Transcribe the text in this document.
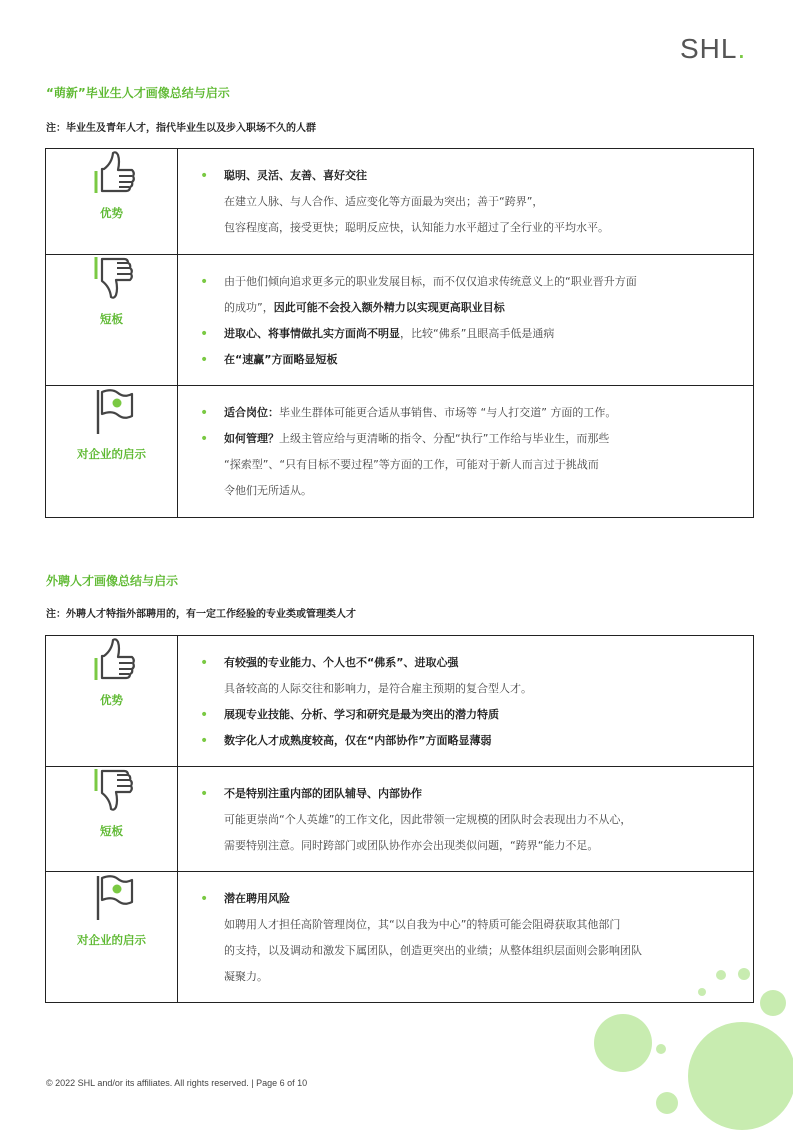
SHL.
“萌新”毕业生人才画像总结与启示
注：毕业生及青年人才，指代毕业生以及步入职场不久的人群
优势	• 聪明、灵活、友善、喜好交往
在建立人脉、与人合作、适应变化等方面最为突出；善于“跨界”，
包容程度高，接受更快；聪明反应快，认知能力水平超过了全行业的平均水平。

短板	• 由于他们倾向追求更多元的职业发展目标，而不仅仅追求传统意义上的“职业晋升方面
的成功”，因此可能不会投入额外精力以实现更高职业目标
• 进取心、将事情做扎实方面尚不明显，比较“佛系”且眼高手低是通病
• 在“速赢”方面略显短板

对企业的启示	• 适合岗位：毕业生群体可能更合适从事销售、市场等 “与人打交道” 方面的工作。
• 如何管理？上级主管应给与更清晰的指令、分配“执行”工作给与毕业生，而那些
“探索型”、“只有目标不要过程”等方面的工作，可能对于新人而言过于挑战而
令他们无所适从。
外聘人才画像总结与启示
注：外聘人才特指外部聘用的，有一定工作经验的专业类或管理类人才
优势	• 有较强的专业能力、个人也不“佛系”、进取心强
具备较高的人际交往和影响力，是符合雇主预期的复合型人才。
• 展现专业技能、分析、学习和研究是最为突出的潜力特质
• 数字化人才成熟度较高，仅在“内部协作”方面略显薄弱

短板	• 不是特别注重内部的团队辅导、内部协作
可能更崇尚“个人英雄”的工作文化，因此带领一定规模的团队时会表现出力不从心，
需要特别注意。同时跨部门或团队协作亦会出现类似问题，“跨界“能力不足。

对企业的启示	• 潜在聘用风险
如聘用人才担任高阶管理岗位，其“以自我为中心”的特质可能会阻碍获取其他部门
的支持，以及调动和激发下属团队，创造更突出的业绩；从整体组织层面则会影响团队
凝聚力。
© 2022 SHL and/or its affiliates. All rights reserved. | Page 6 of 10
